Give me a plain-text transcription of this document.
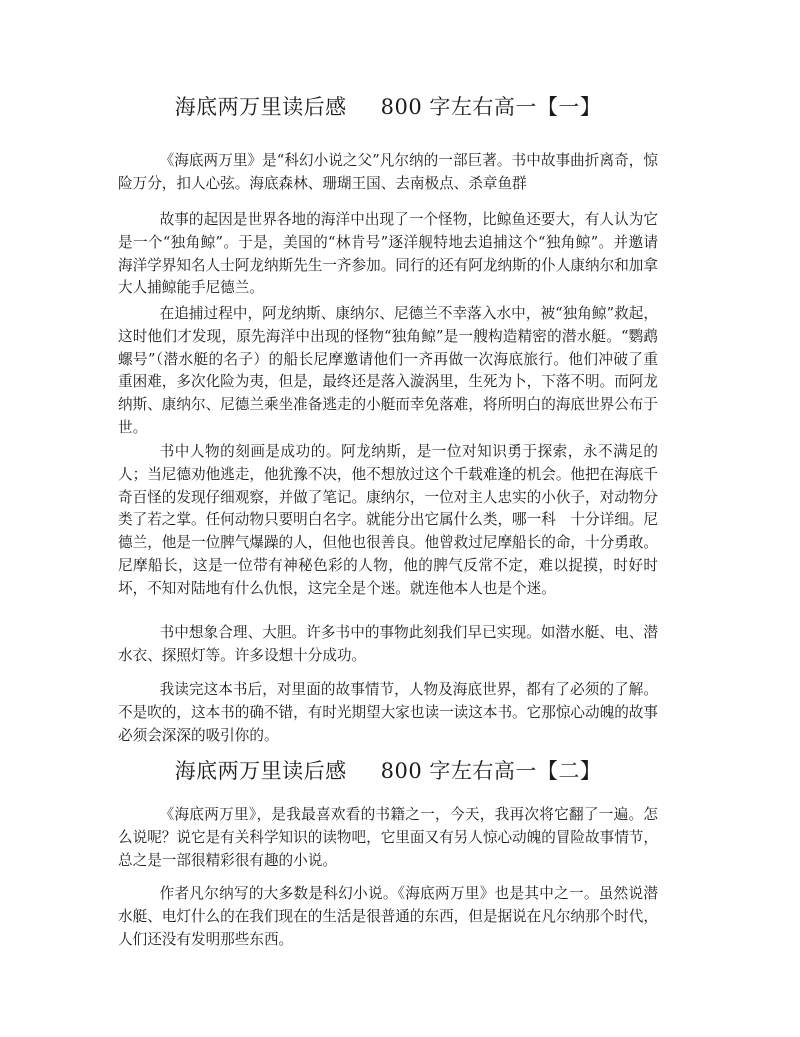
海底两万里读后感 800 字左右高一【一】

《海底两万里》是“科幻小说之父”凡尔纳的一部巨著。书中故事曲折离奇，惊险万分，扣人心弦。海底森林、珊瑚王国、去南极点、杀章鱼群

故事的起因是世界各地的海洋中出现了一个怪物，比鲸鱼还要大，有人认为它是一个“独角鲸”。于是，美国的“林肯号”逐洋舰特地去追捕这个“独角鲸”。并邀请海洋学界知名人士阿龙纳斯先生一齐参加。同行的还有阿龙纳斯的仆人康纳尔和加拿大人捕鲸能手尼德兰。

在追捕过程中，阿龙纳斯、康纳尔、尼德兰不幸落入水中，被“独角鲸”救起，这时他们才发现，原先海洋中出现的怪物“独角鲸”是一艘构造精密的潜水艇。“鹦鹉螺号”（潜水艇的名子）的船长尼摩邀请他们一齐再做一次海底旅行。他们冲破了重重困难，多次化险为夷，但是，最终还是落入漩涡里，生死为卜，下落不明。而阿龙纳斯、康纳尔、尼德兰乘坐准备逃走的小艇而幸免落难，将所明白的海底世界公布于世。

书中人物的刻画是成功的。阿龙纳斯，是一位对知识勇于探索，永不满足的人；当尼德劝他逃走，他犹豫不决，他不想放过这个千载难逢的机会。他把在海底千奇百怪的发现仔细观察，并做了笔记。康纳尔，一位对主人忠实的小伙子，对动物分类了若之掌。任何动物只要明白名字。就能分出它属什么类，哪一科　十分详细。尼德兰，他是一位脾气爆躁的人，但他也很善良。他曾救过尼摩船长的命，十分勇敢。尼摩船长，这是一位带有神秘色彩的人物，他的脾气反常不定，难以捉摸，时好时坏，不知对陆地有什么仇恨，这完全是个迷。就连他本人也是个迷。

书中想象合理、大胆。许多书中的事物此刻我们早已实现。如潜水艇、电、潜水衣、探照灯等。许多设想十分成功。

我读完这本书后，对里面的故事情节，人物及海底世界，都有了必须的了解。不是吹的，这本书的确不错，有时光期望大家也读一读这本书。它那惊心动魄的故事必须会深深的吸引你的。

海底两万里读后感 800 字左右高一【二】

《海底两万里》，是我最喜欢看的书籍之一，今天，我再次将它翻了一遍。怎么说呢？说它是有关科学知识的读物吧，它里面又有另人惊心动魄的冒险故事情节，总之是一部很精彩很有趣的小说。

作者凡尔纳写的大多数是科幻小说。《海底两万里》也是其中之一。虽然说潜水艇、电灯什么的在我们现在的生活是很普通的东西，但是据说在凡尔纳那个时代，人们还没有发明那些东西。
